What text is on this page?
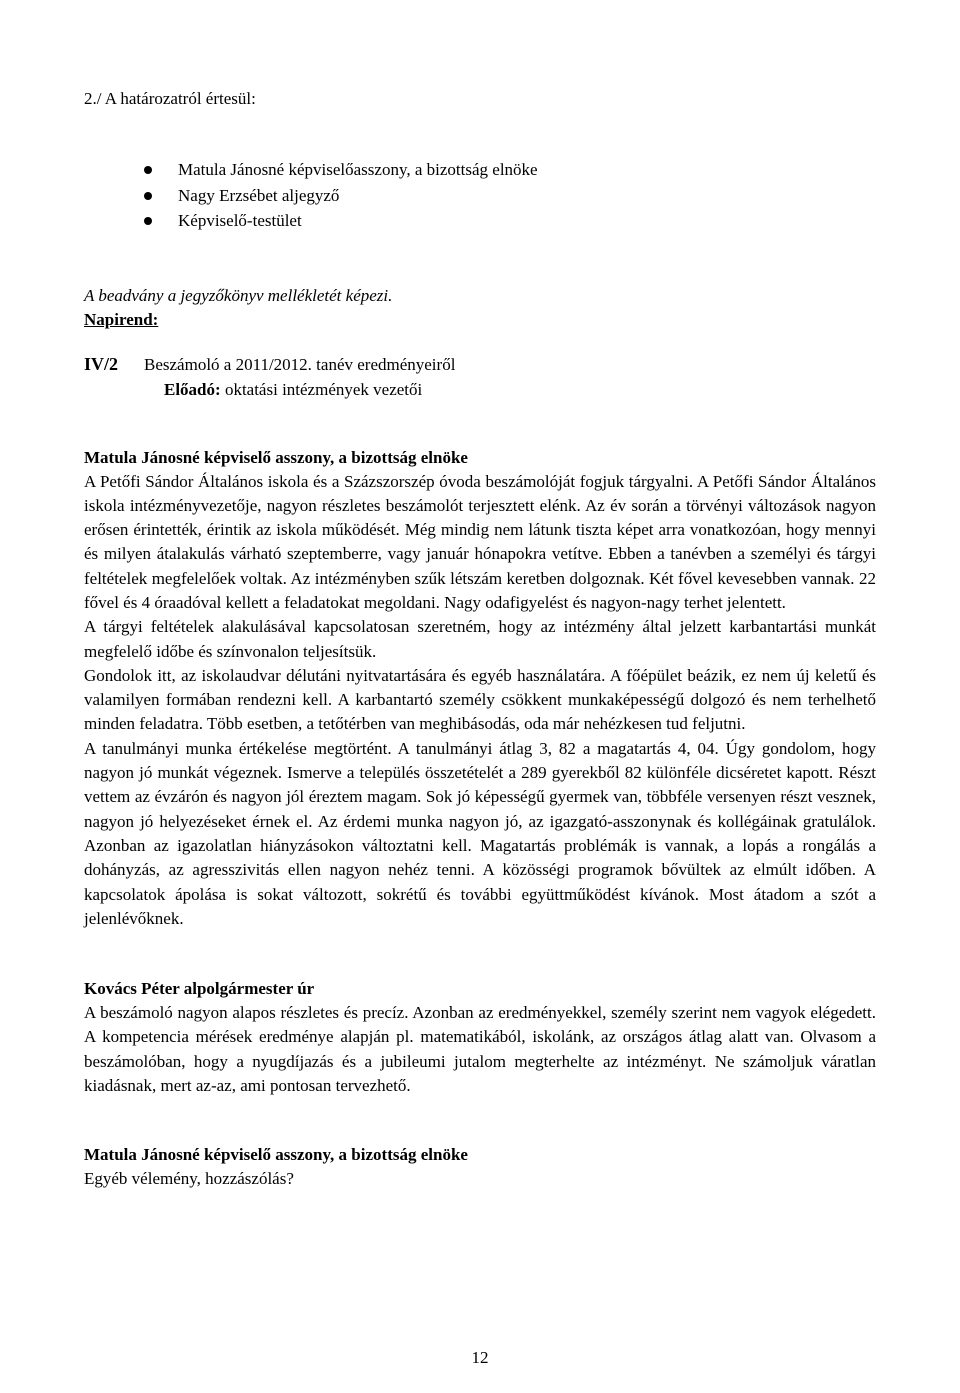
2./ A határozatról értesül:

Matula Jánosné képviselőasszony, a bizottság elnöke
Nagy Erzsébet aljegyző
Képviselő-testület
A beadvány a jegyzőkönyv mellékletét képezi.
Napirend:
IV/2 Beszámoló a 2011/2012. tanév eredményeiről
Előadó: oktatási intézmények vezetői
Matula Jánosné képviselő asszony, a bizottság elnöke

A Petőfi Sándor Általános iskola és a Százszorszép óvoda beszámolóját fogjuk tárgyalni. A Petőfi Sándor Általános iskola intézményvezetője, nagyon részletes beszámolót terjesztett elénk. Az év során a törvényi változások nagyon erősen érintették, érintik az iskola működését. Még mindig nem látunk tiszta képet arra vonatkozóan, hogy mennyi és milyen átalakulás várható szeptemberre, vagy január hónapokra vetítve. Ebben a tanévben a személyi és tárgyi feltételek megfelelőek voltak. Az intézményben szűk létszám keretben dolgoznak. Két fővel kevesebben vannak. 22 fővel és 4 óraadóval kellett a feladatokat megoldani. Nagy odafigyelést és nagyon-nagy terhet jelentett.

A tárgyi feltételek alakulásával kapcsolatosan szeretném, hogy az intézmény által jelzett karbantartási munkát megfelelő időbe és színvonalon teljesítsük.

Gondolok itt, az iskolaudvar délutáni nyitvatartására és egyéb használatára. A főépület beázik, ez nem új keletű és valamilyen formában rendezni kell. A karbantartó személy csökkent munkaképességű dolgozó és nem terhelhető minden feladatra. Több esetben, a tetőtérben van meghibásodás, oda már nehézkesen tud feljutni.

A tanulmányi munka értékelése megtörtént. A tanulmányi átlag 3, 82 a magatartás 4, 04. Úgy gondolom, hogy nagyon jó munkát végeznek. Ismerve a település összetételét a 289 gyerekből 82 különféle dicséretet kapott. Részt vettem az évzárón és nagyon jól éreztem magam. Sok jó képességű gyermek van, többféle versenyen részt vesznek, nagyon jó helyezéseket érnek el. Az érdemi munka nagyon jó, az igazgató-asszonynak és kollégáinak gratulálok. Azonban az igazolatlan hiányzásokon változtatni kell. Magatartás problémák is vannak, a lopás a rongálás a dohányzás, az agresszivitás ellen nagyon nehéz tenni. A közösségi programok bővültek az elmúlt időben. A kapcsolatok ápolása is sokat változott, sokrétű és további együttműködést kívánok. Most átadom a szót a jelenlévőknek.

Kovács Péter alpolgármester úr

A beszámoló nagyon alapos részletes és precíz. Azonban az eredményekkel, személy szerint nem vagyok elégedett. A kompetencia mérések eredménye alapján pl. matematikából, iskolánk, az országos átlag alatt van. Olvasom a beszámolóban, hogy a nyugdíjazás és a jubileumi jutalom megterhelte az intézményt. Ne számoljuk váratlan kiadásnak, mert az-az, ami pontosan tervezhető.

Matula Jánosné képviselő asszony, a bizottság elnöke

Egyéb vélemény, hozzászólás?

12
